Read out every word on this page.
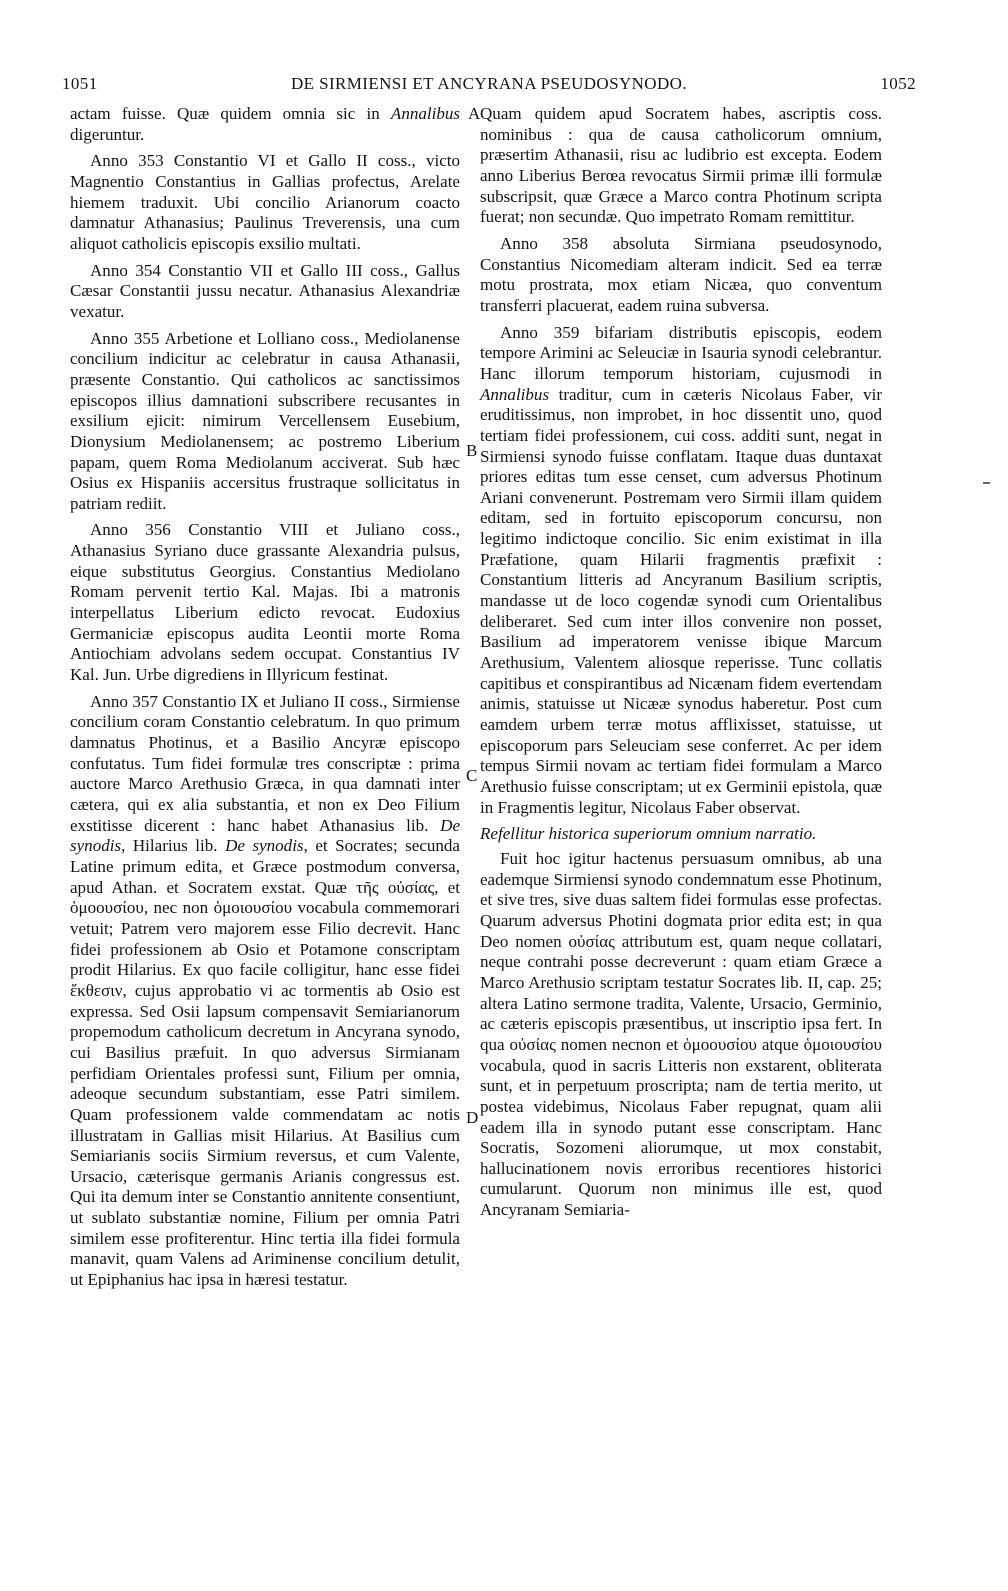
1051	DE SIRMIENSI ET ANCYRANA PSEUDOSYNODO.	1052
A
B
C
D

actam fuisse. Quæ quidem omnia sic in Annalibus digeruntur.

Anno 353 Constantio VI et Gallo II coss., victo Magnentio Constantius in Gallias profectus, Arelate hiemem traduxit. Ubi concilio Arianorum coacto damnatur Athanasius; Paulinus Treverensis, una cum aliquot catholicis episcopis exsilio multati.

Anno 354 Constantio VII et Gallo III coss., Gallus Cæsar Constantii jussu necatur. Athanasius Alexandriæ vexatur.

Anno 355 Arbetione et Lolliano coss., Mediolanense concilium indicitur ac celebratur in causa Athanasii, præsente Constantio. Qui catholicos ac sanctissimos episcopos illius damnationi subscribere recusantes in exsilium ejicit: nimirum Vercellensem Eusebium, Dionysium Mediolanensem; ac postremo Liberium papam, quem Roma Mediolanum acciverat. Sub hæc Osius ex Hispaniis accersitus frustraque sollicitatus in patriam rediit.

Anno 356 Constantio VIII et Juliano coss., Athanasius Syriano duce grassante Alexandria pulsus, eique substitutus Georgius. Constantius Mediolano Romam pervenit tertio Kal. Majas. Ibi a matronis interpellatus Liberium edicto revocat. Eudoxius Germaniciæ episcopus audita Leontii morte Roma Antiochiam advolans sedem occupat. Constantius IV Kal. Jun. Urbe digrediens in Illyricum festinat.

Anno 357 Constantio IX et Juliano II coss., Sirmiense concilium coram Constantio celebratum. In quo primum damnatus Photinus, et a Basilio Ancyræ episcopo confutatus. Tum fidei formulæ tres conscriptæ : prima auctore Marco Arethusio Græca, in qua damnati inter cætera, qui ex alia substantia, et non ex Deo Filium exstitisse dicerent : hanc habet Athanasius lib. De synodis, Hilarius lib. De synodis, et Socrates; secunda Latine primum edita, et Græce postmodum conversa, apud Athan. et Socratem exstat. Quæ τῆς οὐσίας, et ὁμοουσίου, nec non ὁμοιουσίου vocabula commemorari vetuit; Patrem vero majorem esse Filio decrevit. Hanc fidei professionem ab Osio et Potamone conscriptam prodit Hilarius. Ex quo facile colligitur, hanc esse fidei ἔκθεσιν, cujus approbatio vi ac tormentis ab Osio est expressa. Sed Osii lapsum compensavit Semiarianorum propemodum catholicum decretum in Ancyrana synodo, cui Basilius præfuit. In quo adversus Sirmianam perfidiam Orientales professi sunt, Filium per omnia, adeoque secundum substantiam, esse Patri similem. Quam professionem valde commendatam ac notis illustratam in Gallias misit Hilarius. At Basilius cum Semiarianis sociis Sirmium reversus, et cum Valente, Ursacio, cæterisque germanis Arianis congressus est. Qui ita demum inter se Constantio annitente consentiunt, ut sublato substantiæ nomine, Filium per omnia Patri similem esse profiterentur. Hinc tertia illa fidei formula manavit, quam Valens ad Ariminense concilium detulit, ut Epiphanius hac ipsa in hæresi testatur.

Quam quidem apud Socratem habes, ascriptis coss. nominibus : qua de causa catholicorum omnium, præsertim Athanasii, risu ac ludibrio est excepta. Eodem anno Liberius Berœa revocatus Sirmii primæ illi formulæ subscripsit, quæ Græce a Marco contra Photinum scripta fuerat; non secundæ. Quo impetrato Romam remittitur.

Anno 358 absoluta Sirmiana pseudosynodo, Constantius Nicomediam alteram indicit. Sed ea terræ motu prostrata, mox etiam Nicæa, quo conventum transferri placuerat, eadem ruina subversa.

Anno 359 bifariam distributis episcopis, eodem tempore Arimini ac Seleuciæ in Isauria synodi celebrantur. Hanc illorum temporum historiam, cujusmodi in Annalibus traditur, cum in cæteris Nicolaus Faber, vir eruditissimus, non improbet, in hoc dissentit uno, quod tertiam fidei professionem, cui coss. additi sunt, negat in Sirmiensi synodo fuisse conflatam. Itaque duas duntaxat priores editas tum esse censet, cum adversus Photinum Ariani convenerunt. Postremam vero Sirmii illam quidem editam, sed in fortuito episcoporum concursu, non legitimo indictoque concilio. Sic enim existimat in illa Præfatione, quam Hilarii fragmentis præfixit : Constantium litteris ad Ancyranum Basilium scriptis, mandasse ut de loco cogendæ synodi cum Orientalibus deliberaret. Sed cum inter illos convenire non posset, Basilium ad imperatorem venisse ibique Marcum Arethusium, Valentem aliosque reperisse. Tunc collatis capitibus et conspirantibus ad Nicænam fidem evertendam animis, statuisse ut Nicææ synodus haberetur. Post cum eamdem urbem terræ motus afflixisset, statuisse, ut episcoporum pars Seleuciam sese conferret. Ac per idem tempus Sirmii novam ac tertiam fidei formulam a Marco Arethusio fuisse conscriptam; ut ex Germinii epistola, quæ in Fragmentis legitur, Nicolaus Faber observat.

Refellitur historica superiorum omnium narratio.

Fuit hoc igitur hactenus persuasum omnibus, ab una eademque Sirmiensi synodo condemnatum esse Photinum, et sive tres, sive duas saltem fidei formulas esse profectas. Quarum adversus Photini dogmata prior edita est; in qua Deo nomen οὐσίας attributum est, quam neque collatari, neque contrahi posse decreverunt : quam etiam Græce a Marco Arethusio scriptam testatur Socrates lib. II, cap. 25; altera Latino sermone tradita, Valente, Ursacio, Germinio, ac cæteris episcopis præsentibus, ut inscriptio ipsa fert. In qua οὐσίας nomen necnon et ὁμοουσίου atque ὁμοιουσίου vocabula, quod in sacris Litteris non exstarent, obliterata sunt, et in perpetuum proscripta; nam de tertia merito, ut postea videbimus, Nicolaus Faber repugnat, quam alii eadem illa in synodo putant esse conscriptam. Hanc Socratis, Sozomeni aliorumque, ut mox constabit, hallucinationem novis erroribus recentiores historici cumularunt. Quorum non minimus ille est, quod Ancyranam Semiaria-
